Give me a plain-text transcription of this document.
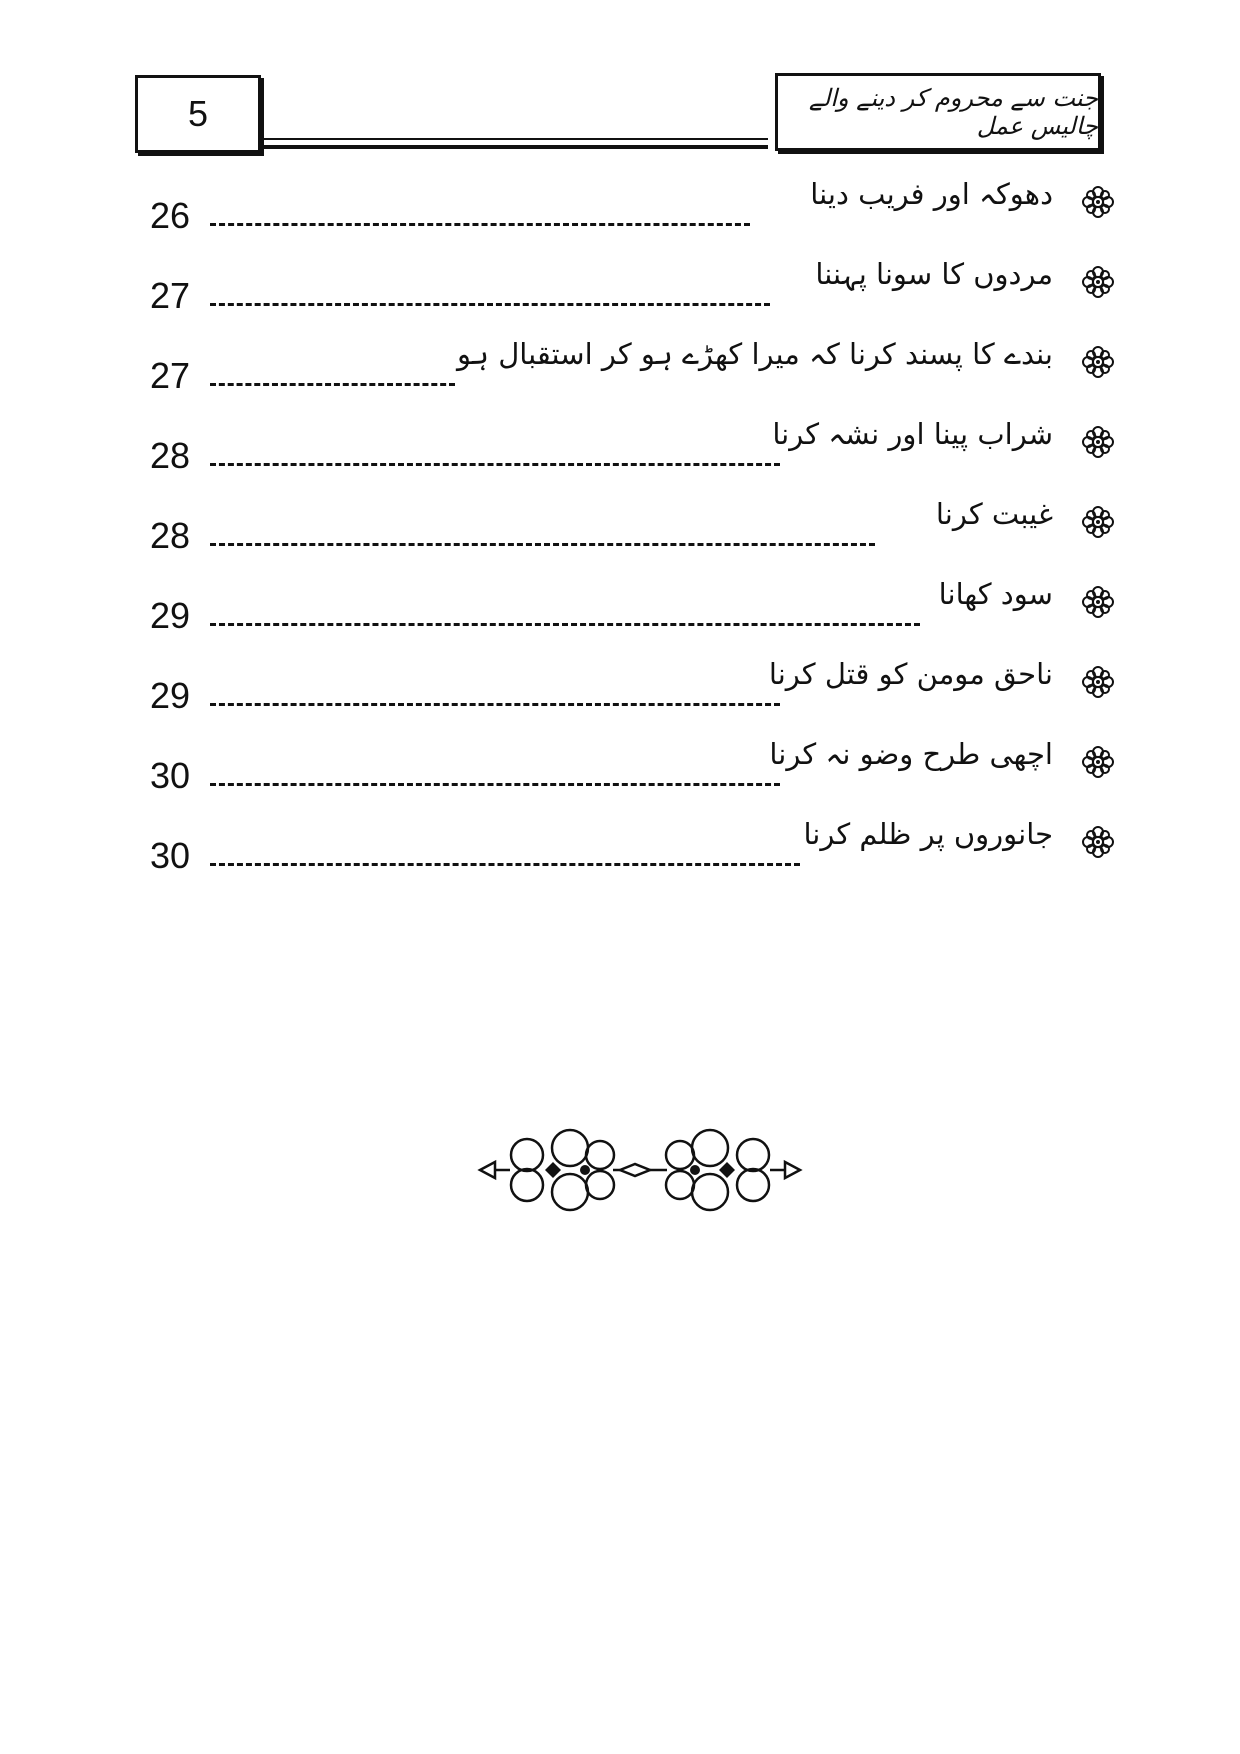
5	جنت سے محروم کر دینے والے چالیس عمل
دھوکہ اور فریب دینا
26
مردوں کا سونا پہننا
27
بندے کا پسند کرنا کہ میرا کھڑے ہو کر استقبال ہو
27
شراب پینا اور نشہ کرنا
28
غیبت کرنا
28
سود کھانا
29
ناحق مومن کو قتل کرنا
29
اچھی طرح وضو نہ کرنا
30
جانوروں پر ظلم کرنا
30
